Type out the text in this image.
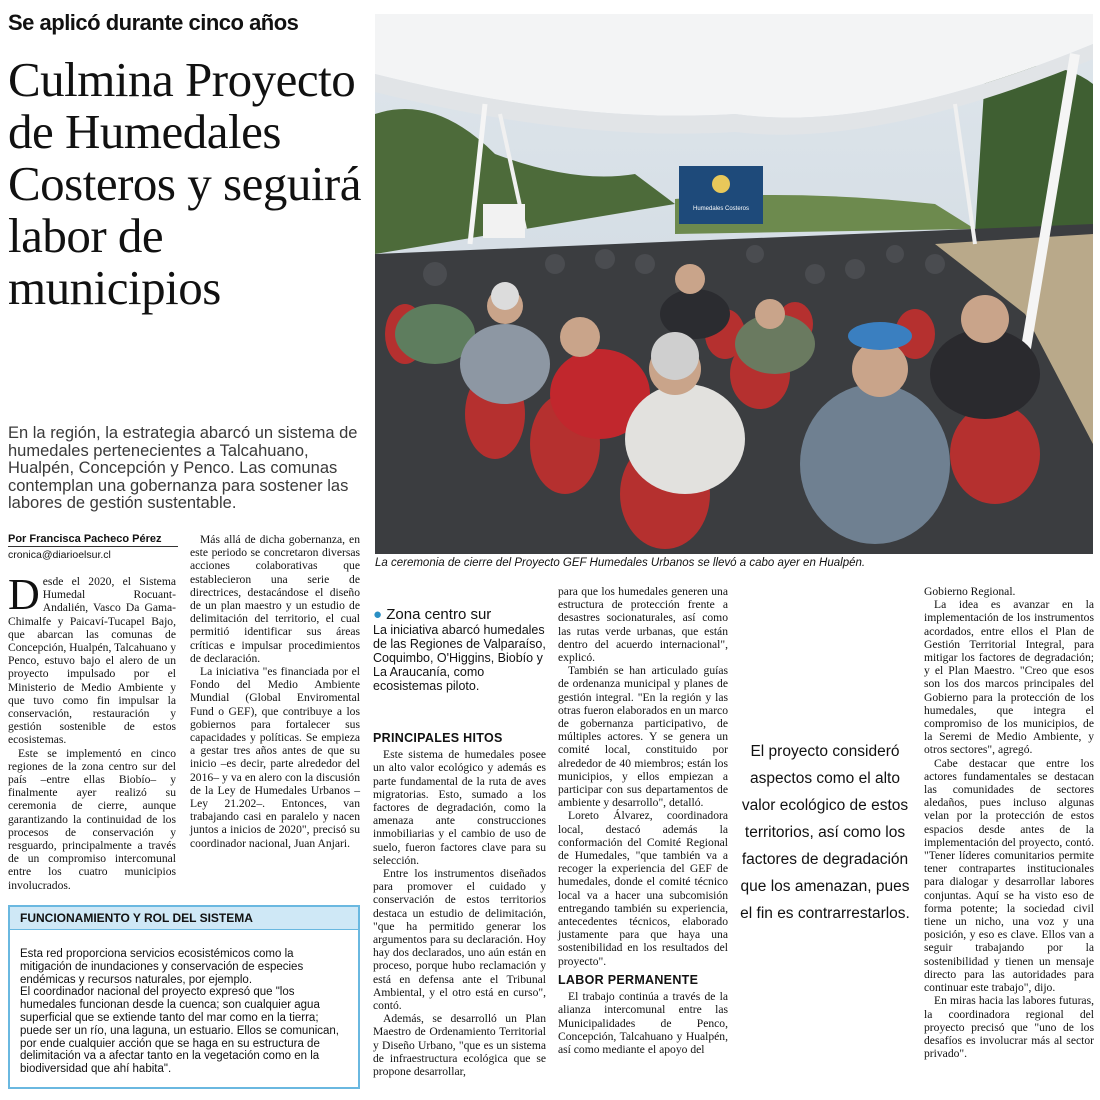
Se aplicó durante cinco años
Culmina Proyecto de Humedales Costeros y seguirá labor de municipios
En la región, la estrategia abarcó un sistema de humedales pertenecientes a Talcahuano, Hualpén, Concepción y Penco. Las comunas contemplan una gobernanza para sostener las labores de gestión sustentable.
Por Francisca Pacheco Pérez
cronica@diarioelsur.cl

Desde el 2020, el Sistema Humedal Rocuant-Andalién, Vasco Da Gama-Chimalfe y Paicaví-Tucapel Bajo, que abarcan las comunas de Concepción, Hualpén, Talcahuano y Penco, estuvo bajo el alero de un proyecto impulsado por el Ministerio de Medio Ambiente y que tuvo como fin impulsar la conservación, restauración y gestión sostenible de estos ecosistemas.

Este se implementó en cinco regiones de la zona centro sur del país –entre ellas Biobío– y finalmente ayer realizó su ceremonia de cierre, aunque garantizando la continuidad de los procesos de conservación y resguardo, principalmente a través de un compromiso intercomunal entre los cuatro municipios involucrados.

Más allá de dicha gobernanza, en este periodo se concretaron diversas acciones colaborativas que establecieron una serie de directrices, destacándose el diseño de un plan maestro y un estudio de delimitación del territorio, el cual permitió identificar sus áreas críticas e impulsar procedimientos de declaración.

La iniciativa "es financiada por el Fondo del Medio Ambiente Mundial (Global Enviromental Fund o GEF), que contribuye a los gobiernos para fortalecer sus capacidades y políticas. Se empieza a gestar tres años antes de que su inicio –es decir, parte alrededor del 2016– y va en alero con la discusión de la Ley de Humedales Urbanos –Ley 21.202–. Entonces, van trabajando casi en paralelo y nacen juntos a inicios de 2020", precisó su coordinador nacional, Juan Anjari.

Humedales Costeros
La ceremonia de cierre del Proyecto GEF Humedales Urbanos se llevó a cabo ayer en Hualpén.
● Zona centro sur
La iniciativa abarcó humedales de las Regiones de Valparaíso, Coquimbo, O'Higgins, Biobío y La Araucanía, como ecosistemas piloto.
PRINCIPALES HITOS

Este sistema de humedales posee un alto valor ecológico y además es parte fundamental de la ruta de aves migratorias. Esto, sumado a los factores de degradación, como la amenaza ante construcciones inmobiliarias y el cambio de uso de suelo, fueron factores clave para su selección.

Entre los instrumentos diseñados para promover el cuidado y conservación de estos territorios destaca un estudio de delimitación, "que ha permitido generar los argumentos para su declaración. Hoy hay dos declarados, uno aún están en proceso, porque hubo reclamación y está en defensa ante el Tribunal Ambiental, y el otro está en curso", contó.

Además, se desarrolló un Plan Maestro de Ordenamiento Territorial y Diseño Urbano, "que es un sistema de infraestructura ecológica que se propone desarrollar,

para que los humedales generen una estructura de protección frente a desastres socionaturales, así como las rutas verde urbanas, que están dentro del acuerdo internacional", explicó.

También se han articulado guías de ordenanza municipal y planes de gestión integral. "En la región y las otras fueron elaborados en un marco de gobernanza participativo, de múltiples actores. Y se genera un comité local, constituido por alrededor de 40 miembros; están los municipios, y ellos empiezan a participar con sus departamentos de ambiente y desarrollo", detalló.

Loreto Álvarez, coordinadora local, destacó además la conformación del Comité Regional de Humedales, "que también va a recoger la experiencia del GEF de humedales, donde el comité técnico local va a hacer una subcomisión entregando también su experiencia, antecedentes técnicos, elaborado justamente para que haya una sostenibilidad en los resultados del proyecto".

LABOR PERMANENTE

El trabajo continúa a través de la alianza intercomunal entre las Municipalidades de Penco, Concepción, Talcahuano y Hualpén, así como mediante el apoyo del

El proyecto consideró aspectos como el alto valor ecológico de estos territorios, así como los factores de degradación que los amenazan, pues el fin es contrarrestarlos.

Gobierno Regional.

La idea es avanzar en la implementación de los instrumentos acordados, entre ellos el Plan de Gestión Territorial Integral, para mitigar los factores de degradación; y el Plan Maestro. "Creo que esos son los dos marcos principales del Gobierno para la protección de los humedales, que integra el compromiso de los municipios, de la Seremi de Medio Ambiente, y otros sectores", agregó.

Cabe destacar que entre los actores fundamentales se destacan las comunidades de sectores aledaños, pues incluso algunas velan por la protección de estos espacios desde antes de la implementación del proyecto, contó. "Tener líderes comunitarios permite tener contrapartes institucionales para dialogar y desarrollar labores conjuntas. Aquí se ha visto eso de forma potente; la sociedad civil tiene un nicho, una voz y una posición, y eso es clave. Ellos van a seguir trabajando por la sostenibilidad y tienen un mensaje directo para las autoridades para continuar este trabajo", dijo.

En miras hacia las labores futuras, la coordinadora regional del proyecto precisó que "uno de los desafíos es involucrar más al sector privado".

FUNCIONAMIENTO Y ROL DEL SISTEMA
Esta red proporciona servicios ecosistémicos como la mitigación de inundaciones y conservación de especies endémicas y recursos naturales, por ejemplo.
El coordinador nacional del proyecto expresó que "los humedales funcionan desde la cuenca; son cualquier agua superficial que se extiende tanto del mar como en la tierra; puede ser un río, una laguna, un estuario. Ellos se comunican, por ende cualquier acción que se haga en su estructura de delimitación va a afectar tanto en la vegetación como en la biodiversidad que ahí habita".
